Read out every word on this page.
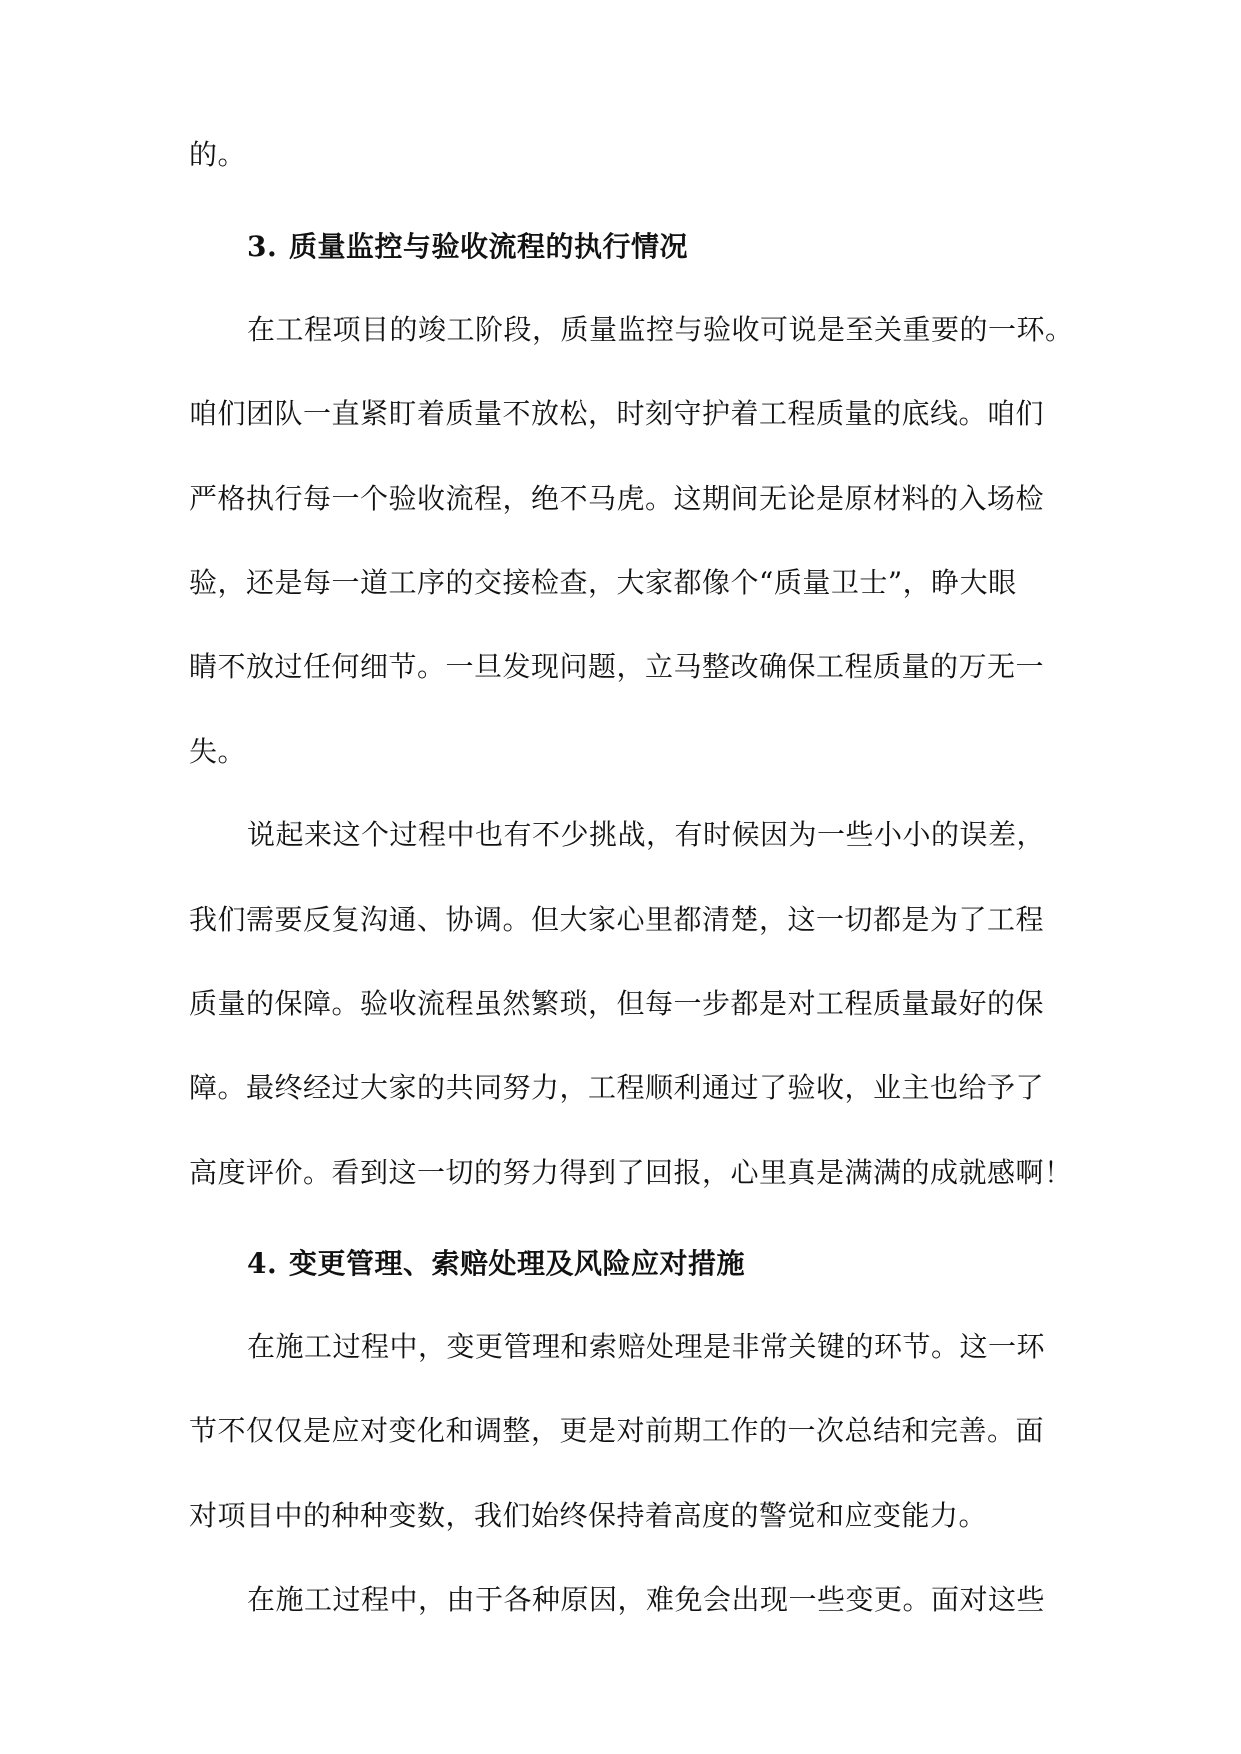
的。
3. 质量监控与验收流程的执行情况
在工程项目的竣工阶段，质量监控与验收可说是至关重要的一环。
咱们团队一直紧盯着质量不放松，时刻守护着工程质量的底线。咱们
严格执行每一个验收流程，绝不马虎。这期间无论是原材料的入场检
验，还是每一道工序的交接检查，大家都像个“质量卫士”，睁大眼
睛不放过任何细节。一旦发现问题，立马整改确保工程质量的万无一
失。
说起来这个过程中也有不少挑战，有时候因为一些小小的误差，
我们需要反复沟通、协调。但大家心里都清楚，这一切都是为了工程
质量的保障。验收流程虽然繁琐，但每一步都是对工程质量最好的保
障。最终经过大家的共同努力，工程顺利通过了验收，业主也给予了
高度评价。看到这一切的努力得到了回报，心里真是满满的成就感啊！
4. 变更管理、索赔处理及风险应对措施
在施工过程中，变更管理和索赔处理是非常关键的环节。这一环
节不仅仅是应对变化和调整，更是对前期工作的一次总结和完善。面
对项目中的种种变数，我们始终保持着高度的警觉和应变能力。
在施工过程中，由于各种原因，难免会出现一些变更。面对这些
